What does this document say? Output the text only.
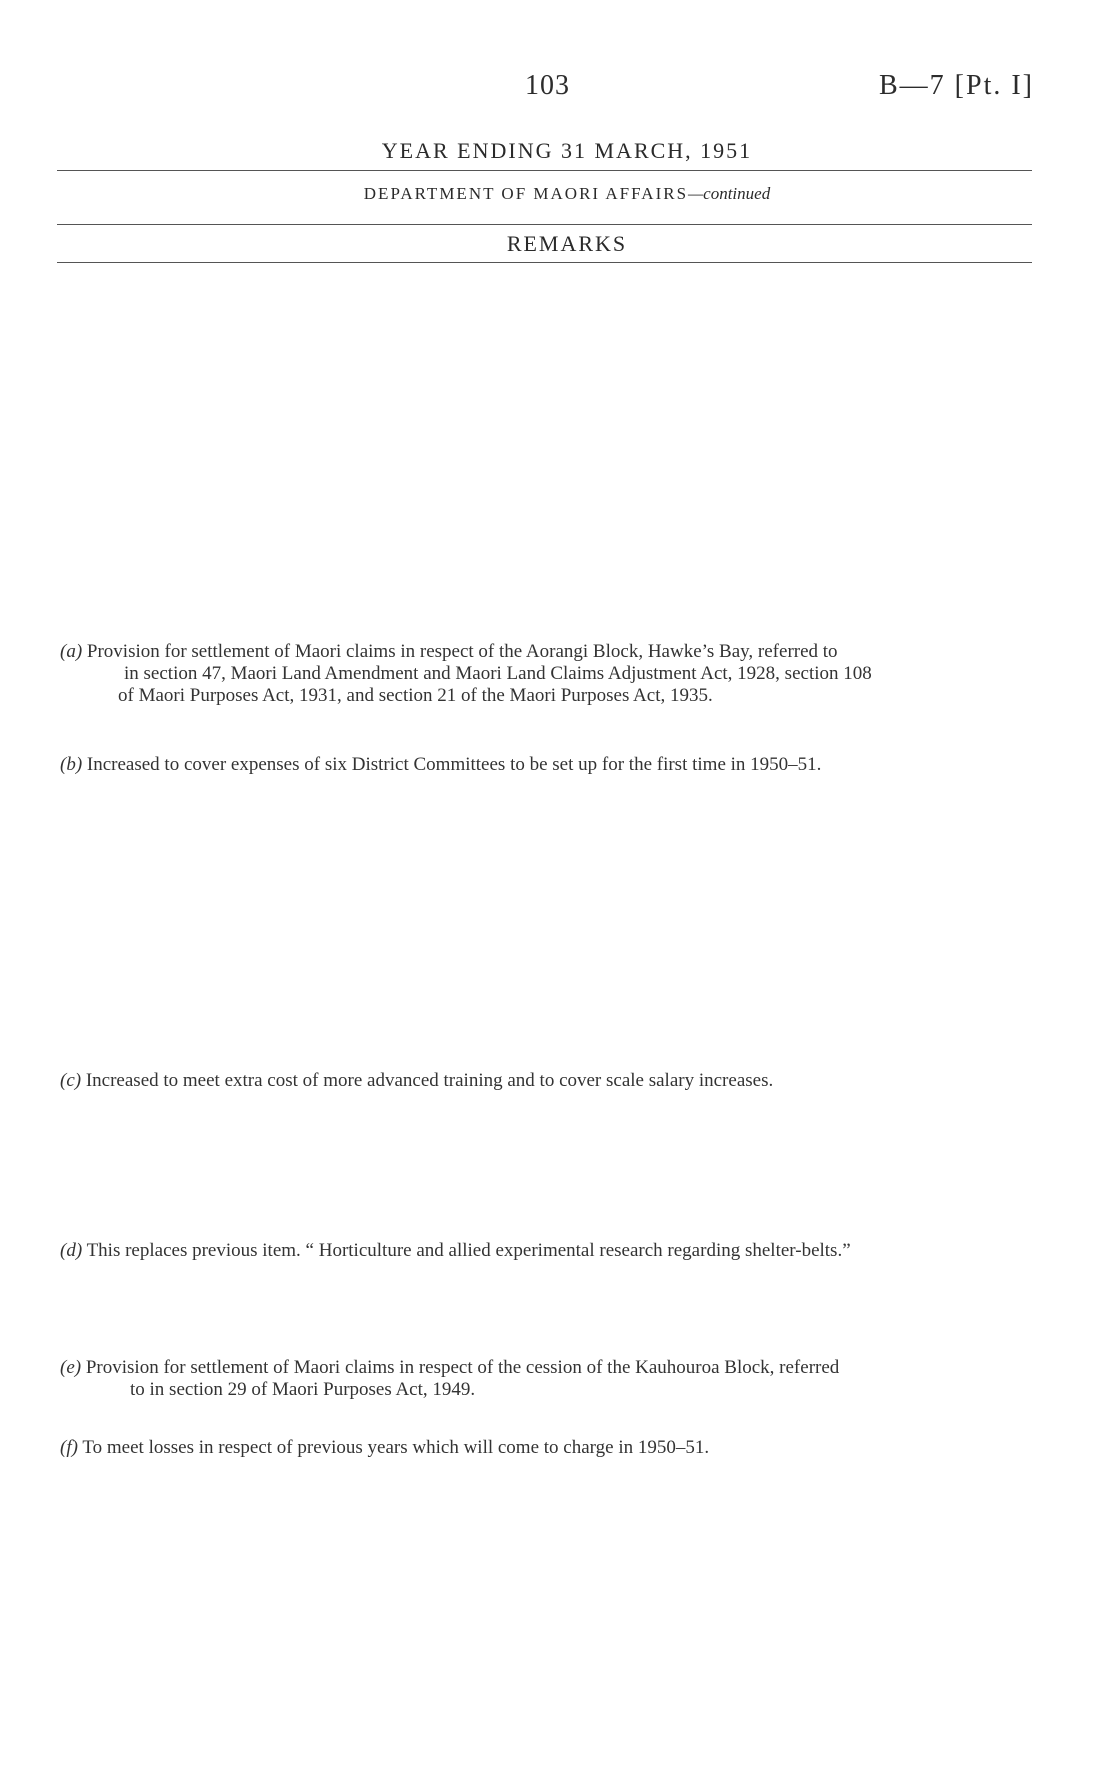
103	B—7 [Pt. I]
YEAR ENDING 31 MARCH, 1951
DEPARTMENT OF MAORI AFFAIRS—continued
REMARKS
(a) Provision for settlement of Maori claims in respect of the Aorangi Block, Hawke’s Bay, referred to
in section 47, Maori Land Amendment and Maori Land Claims Adjustment Act, 1928, section 108
of Maori Purposes Act, 1931, and section 21 of the Maori Purposes Act, 1935.
(b) Increased to cover expenses of six District Committees to be set up for the first time in 1950–51.
(c) Increased to meet extra cost of more advanced training and to cover scale salary increases.
(d) This replaces previous item. “ Horticulture and allied experimental research regarding shelter-belts.”
(e) Provision for settlement of Maori claims in respect of the cession of the Kauhouroa Block, referred
to in section 29 of Maori Purposes Act, 1949.
(f) To meet losses in respect of previous years which will come to charge in 1950–51.
